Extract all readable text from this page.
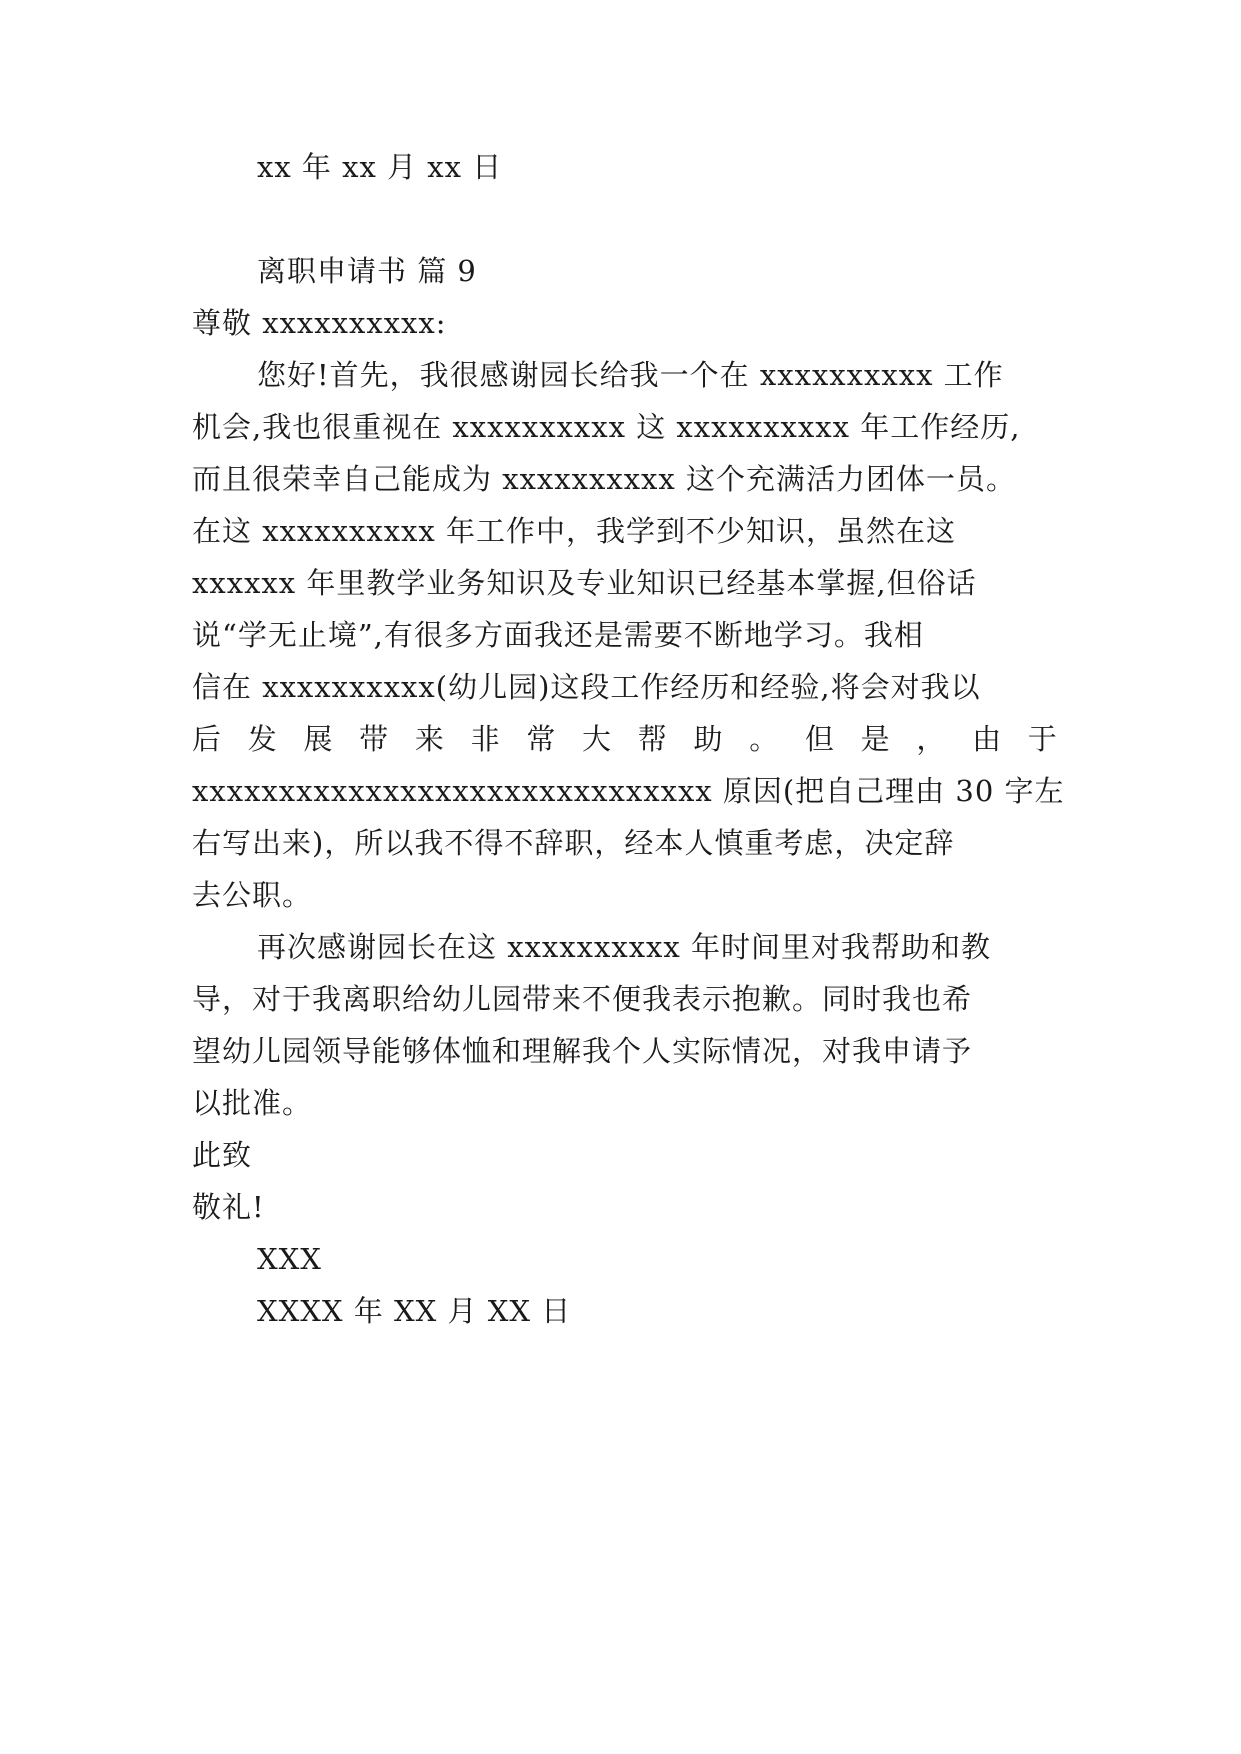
xx 年 xx 月 xx 日
离职申请书 篇 9
尊敬 xxxxxxxxxx:
您好!首先，我很感谢园长给我一个在 xxxxxxxxxx 工作
机会,我也很重视在 xxxxxxxxxx 这 xxxxxxxxxx 年工作经历,
而且很荣幸自己能成为 xxxxxxxxxx 这个充满活力团体一员。
在这 xxxxxxxxxx 年工作中，我学到不少知识，虽然在这
xxxxxx 年里教学业务知识及专业知识已经基本掌握,但俗话
说“学无止境”,有很多方面我还是需要不断地学习。我相
信在 xxxxxxxxxx(幼儿园)这段工作经历和经验,将会对我以
后 发 展 带 来 非 常 大 帮 助 。 但 是 ， 由 于
xxxxxxxxxxxxxxxxxxxxxxxxxxxxxx 原因(把自己理由 30 字左
右写出来)，所以我不得不辞职，经本人慎重考虑，决定辞
去公职。
再次感谢园长在这 xxxxxxxxxx 年时间里对我帮助和教
导，对于我离职给幼儿园带来不便我表示抱歉。同时我也希
望幼儿园领导能够体恤和理解我个人实际情况，对我申请予
以批准。
此致
敬礼!
XXX
XXXX 年 XX 月 XX 日
